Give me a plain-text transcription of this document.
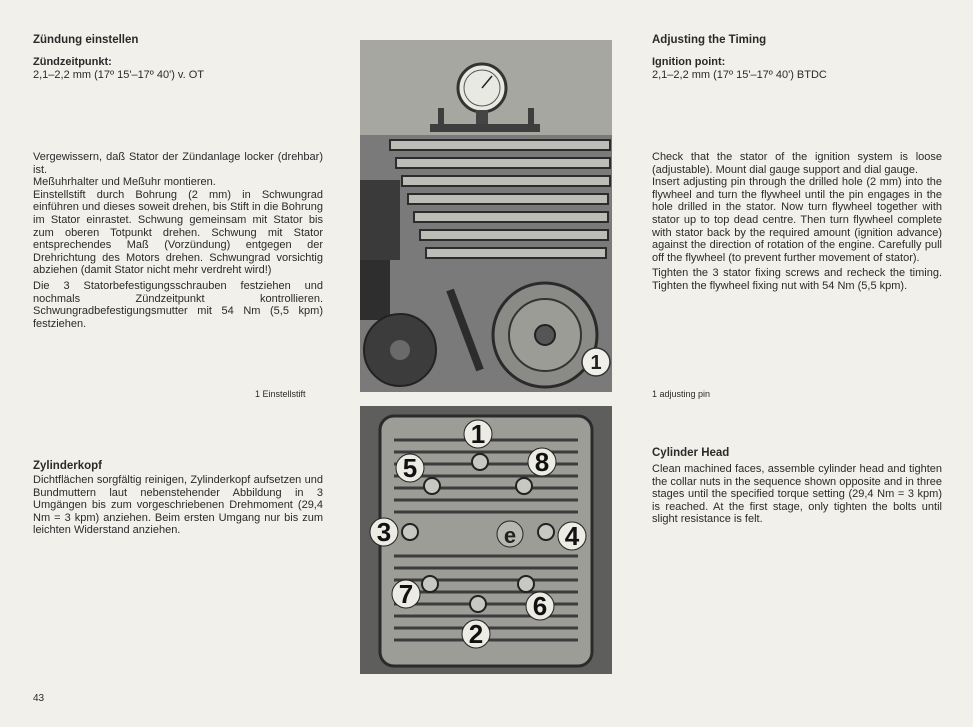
Zündung einstellen

Zündzeitpunkt:

2,1–2,2 mm (17º 15'–17º 40') v. OT

Vergewissern, daß Stator der Zündanlage locker (drehbar) ist.

Meßuhrhalter und Meßuhr montieren.

Einstellstift durch Bohrung (2 mm) in Schwungrad einführen und dieses soweit drehen, bis Stift in die Bohrung im Stator einrastet. Schwung gemeinsam mit Stator bis zum oberen Totpunkt drehen. Schwung mit Stator entsprechendes Maß (Vorzündung) entgegen der Drehrichtung des Motors drehen. Schwungrad vorsichtig abziehen (damit Stator nicht mehr verdreht wird!)

Die 3 Statorbefestigungsschrauben festziehen und nochmals Zündzeitpunkt kontrollieren. Schwungradbefestigungsmutter mit 54 Nm (5,5 kpm) festziehen.

1 Einstellstift
Zylinderkopf

Dichtflächen sorgfältig reinigen, Zylinderkopf aufsetzen und Bundmuttern laut nebenstehender Abbildung in 3 Umgängen bis zum vorgeschriebenen Drehmoment (29,4 Nm = 3 kpm) anziehen. Beim ersten Umgang nur bis zum leichten Widerstand anziehen.

1
1
2
3	4
5
6
7
8
e
Adjusting the Timing

Ignition point:

2,1–2,2 mm (17º 15'–17º 40') BTDC

Check that the stator of the ignition system is loose (adjustable). Mount dial gauge support and dial gauge.

Insert adjusting pin through the drilled hole (2 mm) into the flywheel and turn the flywheel until the pin engages in the hole drilled in the stator. Now turn flywheel together with stator up to top dead centre. Then turn flywheel complete with stator back by the required amount (ignition advance) against the direction of rotation of the engine. Carefully pull off the flywheel (to prevent further movement of stator).

Tighten the 3 stator fixing screws and recheck the timing. Tighten the flywheel fixing nut with 54 Nm (5,5 kpm).

1 adjusting pin
Cylinder Head

Clean machined faces, assemble cylinder head and tighten the collar nuts in the sequence shown opposite and in three stages until the specified torque setting (29,4 Nm = 3 kpm) is reached. At the first stage, only tighten the bolts until slight resistance is felt.

43
